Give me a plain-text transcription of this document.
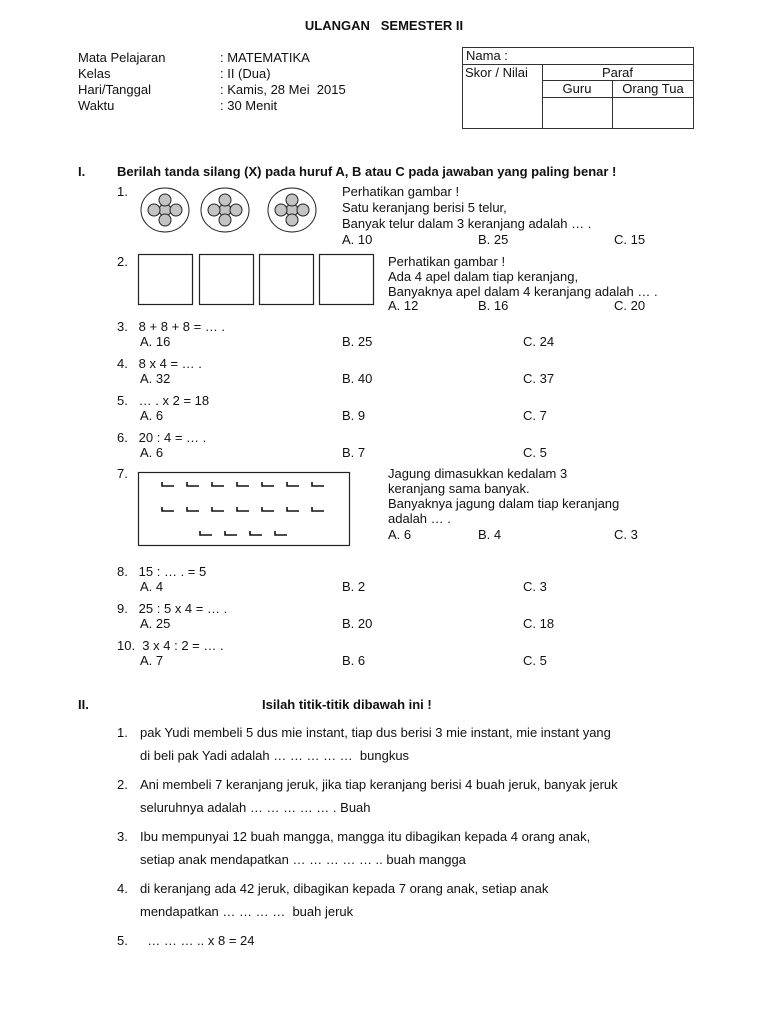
ULANGAN   SEMESTER II
Mata Pelajaran	: MATEMATIKA
Kelas	: II (Dua)
Hari/Tanggal	: Kamis, 28 Mei  2015
Waktu	: 30 Menit
Nama :
Skor / Nilai	Paraf
Guru	Orang Tua
I. Berilah tanda silang (X) pada huruf A, B atau C pada jawaban yang paling benar !
1.	Perhatikan gambar !
Satu keranjang berisi 5 telur,
Banyak telur dalam 3 keranjang adalah … .
A. 10	B. 25	C. 15
2.	Perhatikan gambar !
Ada 4 apel dalam tiap keranjang,
Banyaknya apel dalam 4 keranjang adalah … .
A. 12	B. 16	C. 20
3.   8 + 8 + 8 = … .
A. 16	B. 25	C. 24
4.   8 x 4 = … .
A. 32	B. 40	C. 37
5.   … . x 2 = 18
A. 6	B. 9	C. 7
6.   20 : 4 = … .
A. 6	B. 7	C. 5
7.	Jagung dimasukkan kedalam 3
keranjang sama banyak.
Banyaknya jagung dalam tiap keranjang
adalah … .
A. 6	B. 4	C. 3
8.   15 : … . = 5
A. 4	B. 2	C. 3
9.   25 : 5 x 4 = … .
A. 25	B. 20	C. 18
10.  3 x 4 : 2 = … .
A. 7	B. 6	C. 5
II.	Isilah titik-titik dibawah ini !
1. pak Yudi membeli 5 dus mie instant, tiap dus berisi 3 mie instant, mie instant yang
di beli pak Yadi adalah … … … … …  bungkus
2. Ani membeli 7 keranjang jeruk, jika tiap keranjang berisi 4 buah jeruk, banyak jeruk
seluruhnya adalah … … … … … . Buah
3. Ibu mempunyai 12 buah mangga, mangga itu dibagikan kepada 4 orang anak,
setiap anak mendapatkan … … … … … .. buah mangga
4. di keranjang ada 42 jeruk, dibagikan kepada 7 orang anak, setiap anak
mendapatkan … … … …  buah jeruk
5. … … … .. x 8 = 24
